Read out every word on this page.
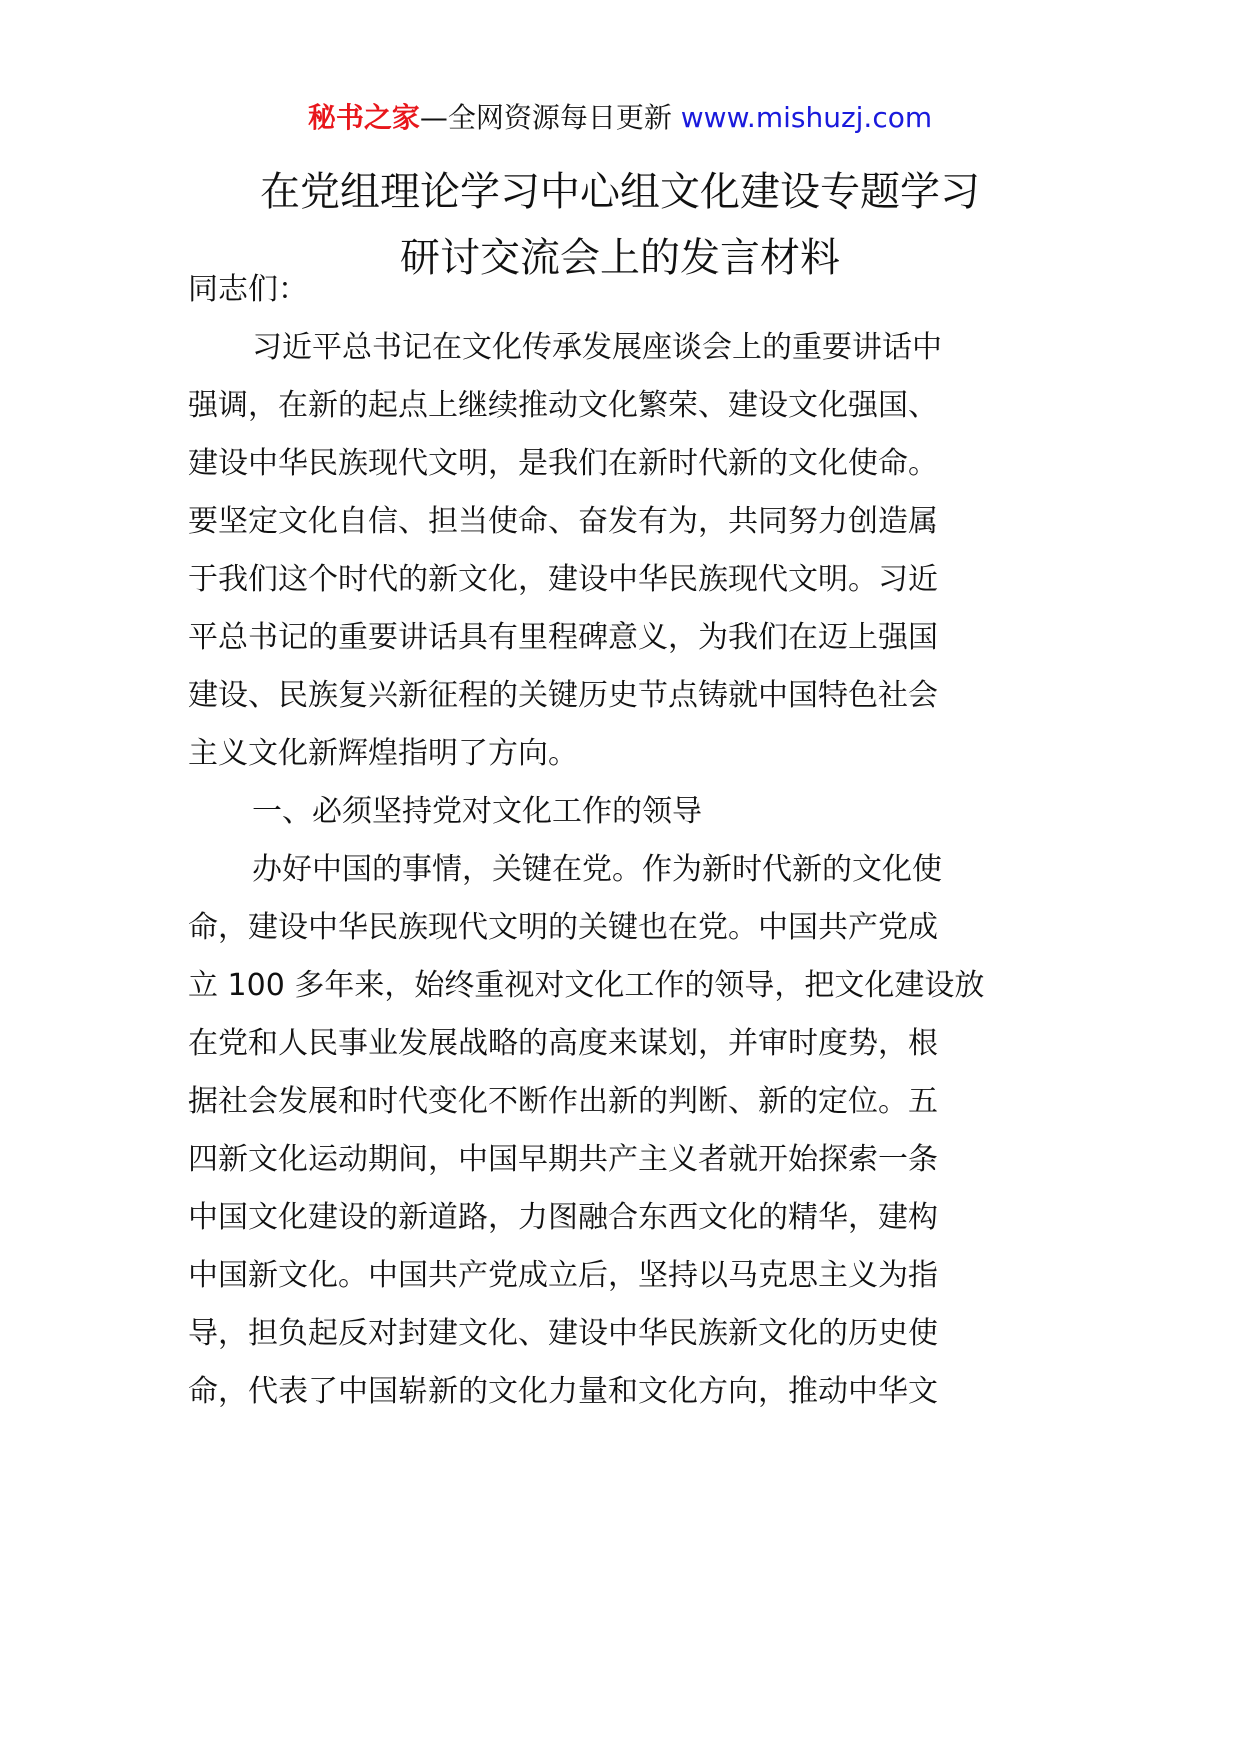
秘书之家—全网资源每日更新 www.mishuzj.com
在党组理论学习中心组文化建设专题学习
研讨交流会上的发言材料
同志们：
习近平总书记在文化传承发展座谈会上的重要讲话中
强调，在新的起点上继续推动文化繁荣、建设文化强国、
建设中华民族现代文明，是我们在新时代新的文化使命。
要坚定文化自信、担当使命、奋发有为，共同努力创造属
于我们这个时代的新文化，建设中华民族现代文明。习近
平总书记的重要讲话具有里程碑意义，为我们在迈上强国
建设、民族复兴新征程的关键历史节点铸就中国特色社会
主义文化新辉煌指明了方向。
一、必须坚持党对文化工作的领导
办好中国的事情，关键在党。作为新时代新的文化使
命，建设中华民族现代文明的关键也在党。中国共产党成
立 100 多年来，始终重视对文化工作的领导，把文化建设放
在党和人民事业发展战略的高度来谋划，并审时度势，根
据社会发展和时代变化不断作出新的判断、新的定位。五
四新文化运动期间，中国早期共产主义者就开始探索一条
中国文化建设的新道路，力图融合东西文化的精华，建构
中国新文化。中国共产党成立后，坚持以马克思主义为指
导，担负起反对封建文化、建设中华民族新文化的历史使
命，代表了中国崭新的文化力量和文化方向，推动中华文
